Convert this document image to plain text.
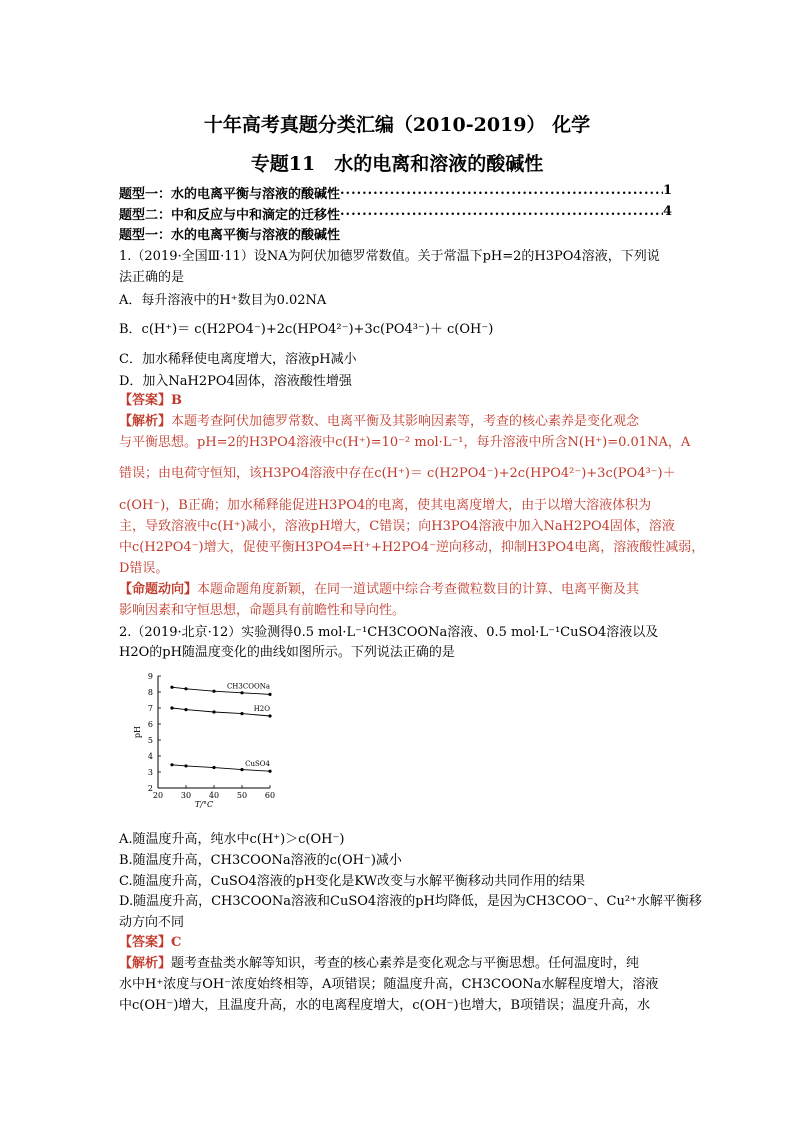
十年高考真题分类汇编（2010-2019） 化学
专题11　水的电离和溶液的酸碱性
题型一：水的电离平衡与溶液的酸碱性 .....	1
题型二：中和反应与中和滴定的迁移性 .....	4
题型一：水的电离平衡与溶液的酸碱性
1.（2019·全国Ⅲ·11）设NA为阿伏加德罗常数值。关于常温下pH=2的H3PO4溶液，下列说
法正确的是
A．每升溶液中的H⁺数目为0.02NA
B．c(H⁺)＝ c(H2PO4⁻)+2c(HPO4²⁻)+3c(PO4³⁻)＋ c(OH⁻)
C．加水稀释使电离度增大，溶液pH减小
D．加入NaH2PO4固体，溶液酸性增强
【答案】B
【解析】本题考查阿伏加德罗常数、电离平衡及其影响因素等，考查的核心素养是变化观念
与平衡思想。pH=2的H3PO4溶液中c(H⁺)=10⁻² mol·L⁻¹，每升溶液中所含N(H⁺)=0.01NA，A
错误；由电荷守恒知，该H3PO4溶液中存在c(H⁺)＝ c(H2PO4⁻)+2c(HPO4²⁻)+3c(PO4³⁻)＋
c(OH⁻)，B正确；加水稀释能促进H3PO4的电离，使其电离度增大，由于以增大溶液体积为
主，导致溶液中c(H⁺)减小，溶液pH增大，C错误；向H3PO4溶液中加入NaH2PO4固体，溶液
中c(H2PO4⁻)增大，促使平衡H3PO4⇌H⁺+H2PO4⁻逆向移动，抑制H3PO4电离，溶液酸性减弱，
D错误。
【命题动向】本题命题角度新颖，在同一道试题中综合考查微粒数目的计算、电离平衡及其
影响因素和守恒思想，命题具有前瞻性和导向性。
2.（2019·北京·12）实验测得0.5 mol·L⁻¹CH3COONa溶液、0.5 mol·L⁻¹CuSO4溶液以及
H2O的pH随温度变化的曲线如图所示。下列说法正确的是
2
3
4
5
6
7
8
9
20 30 40 50 60
T/°C
pH
CH3COONa
H2O
CuSO4
A.随温度升高，纯水中c(H⁺)＞c(OH⁻)
B.随温度升高，CH3COONa溶液的c(OH⁻)减小
C.随温度升高，CuSO4溶液的pH变化是KW改变与水解平衡移动共同作用的结果
D.随温度升高，CH3COONa溶液和CuSO4溶液的pH均降低，是因为CH3COO⁻、Cu²⁺水解平衡移
动方向不同
【答案】C
【解析】题考查盐类水解等知识，考查的核心素养是变化观念与平衡思想。任何温度时，纯
水中H⁺浓度与OH⁻浓度始终相等，A项错误；随温度升高，CH3COONa水解程度增大，溶液
中c(OH⁻)增大，且温度升高，水的电离程度增大，c(OH⁻)也增大，B项错误；温度升高，水
